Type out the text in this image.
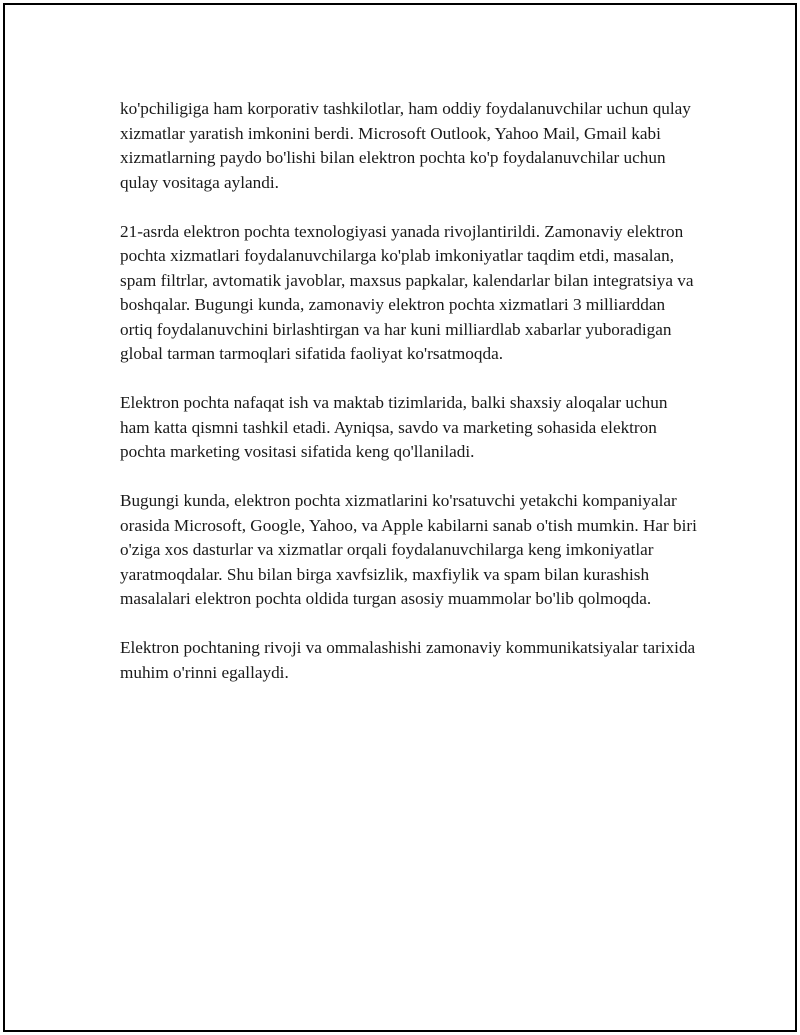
ko'pchiligiga ham korporativ tashkilotlar, ham oddiy foydalanuvchilar uchun qulay xizmatlar yaratish imkonini berdi. Microsoft Outlook, Yahoo Mail, Gmail kabi xizmatlarning paydo bo'lishi bilan elektron pochta ko'p foydalanuvchilar uchun qulay vositaga aylandi.

21-asrda elektron pochta texnologiyasi yanada rivojlantirildi. Zamonaviy elektron pochta xizmatlari foydalanuvchilarga ko'plab imkoniyatlar taqdim etdi, masalan, spam filtrlar, avtomatik javoblar, maxsus papkalar, kalendarlar bilan integratsiya va boshqalar. Bugungi kunda, zamonaviy elektron pochta xizmatlari 3 milliarddan ortiq foydalanuvchini birlashtirgan va har kuni milliardlab xabarlar yuboradigan global tarman tarmoqlari sifatida faoliyat ko'rsatmoqda.

Elektron pochta nafaqat ish va maktab tizimlarida, balki shaxsiy aloqalar uchun ham katta qismni tashkil etadi. Ayniqsa, savdo va marketing sohasida elektron pochta marketing vositasi sifatida keng qo'llaniladi.

Bugungi kunda, elektron pochta xizmatlarini ko'rsatuvchi yetakchi kompaniyalar orasida Microsoft, Google, Yahoo, va Apple kabilarni sanab o'tish mumkin. Har biri o'ziga xos dasturlar va xizmatlar orqali foydalanuvchilarga keng imkoniyatlar yaratmoqdalar. Shu bilan birga xavfsizlik, maxfiylik va spam bilan kurashish masalalari elektron pochta oldida turgan asosiy muammolar bo'lib qolmoqda.

Elektron pochtaning rivoji va ommalashishi zamonaviy kommunikatsiyalar tarixida muhim o'rinni egallaydi.
